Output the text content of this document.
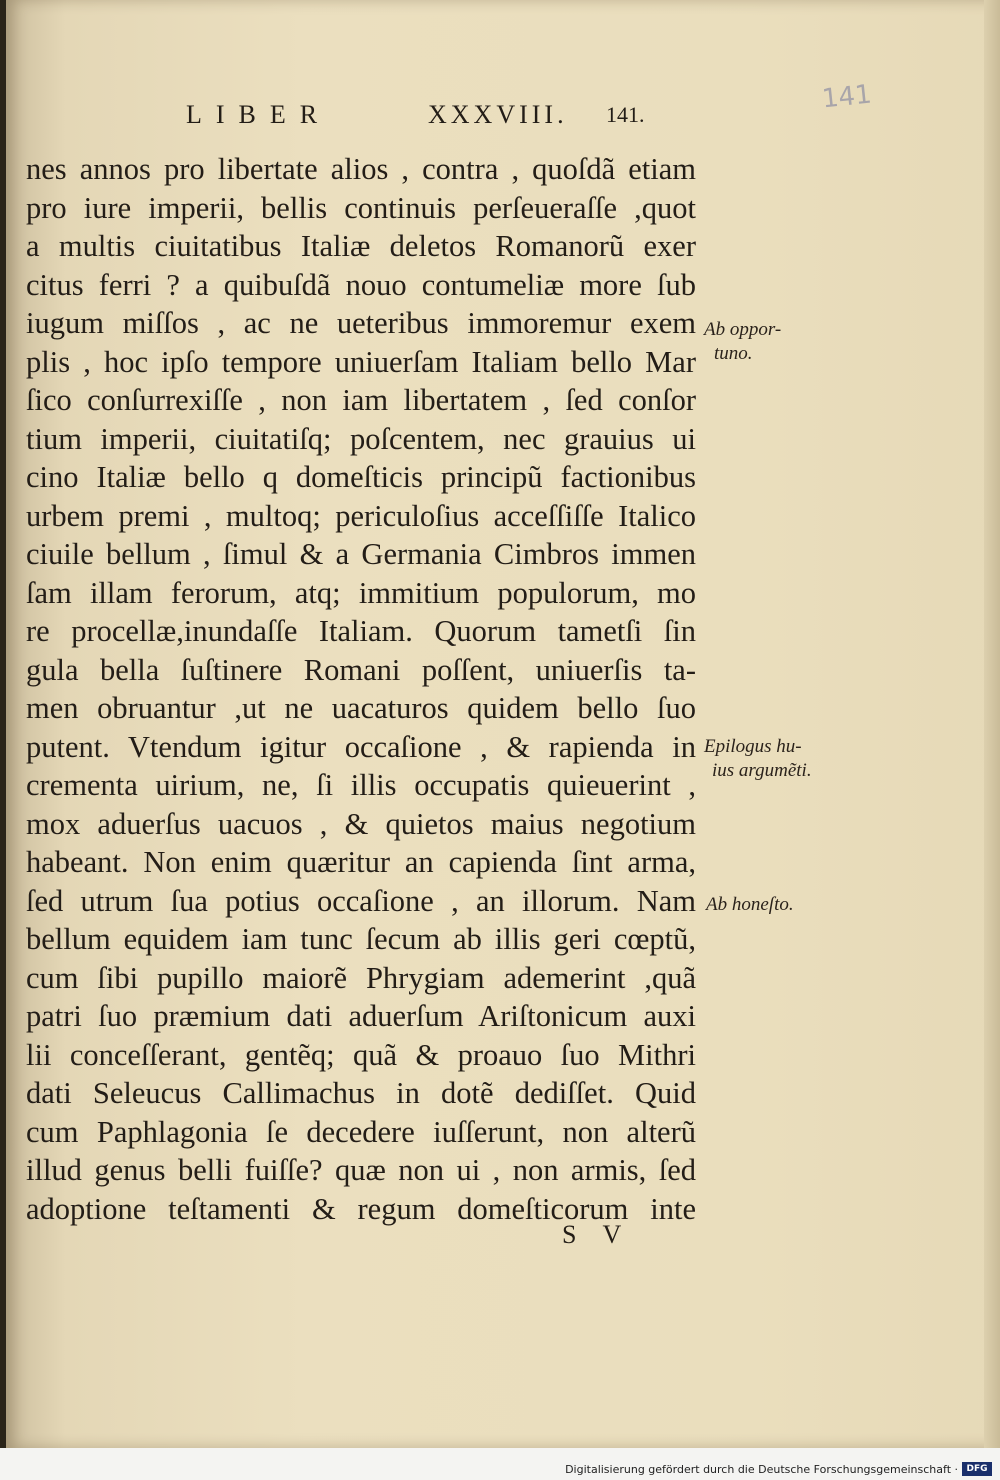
141
LIBER	XXXVIII. 141.
nes annos pro libertate alios , contra , quoſdã etiam
pro iure imperii, bellis continuis perſeueraſſe ,quot
a multis ciuitatibus Italiæ deletos Romanorũ exer
citus ferri ? a quibuſdã nouo contumeliæ more ſub
iugum miſſos , ac ne ueteribus immoremur exem
plis , hoc ipſo tempore uniuerſam Italiam bello Mar
ſico conſurrexiſſe , non iam libertatem , ſed conſor
tium imperii, ciuitatiſq; poſcentem, nec grauius ui
cino Italiæ bello q domeſticis principũ factionibus
urbem premi , multoq; periculoſius acceſſiſſe Italico
ciuile bellum , ſimul & a Germania Cimbros immen
ſam illam ferorum, atq; immitium populorum, mo
re procellæ,inundaſſe Italiam. Quorum tametſi ſin
gula bella ſuſtinere Romani poſſent, uniuerſis ta-
men obruantur ,ut ne uacaturos quidem bello ſuo
putent. Vtendum igitur occaſione , & rapienda in
crementa uirium, ne, ſi illis occupatis quieuerint ,
mox aduerſus uacuos , & quietos maius negotium
habeant. Non enim quæritur an capienda ſint arma,
ſed utrum ſua potius occaſione , an illorum. Nam
bellum equidem iam tunc ſecum ab illis geri cœptũ,
cum ſibi pupillo maiorẽ Phrygiam ademerint ,quã
patri ſuo præmium dati aduerſum Ariſtonicum auxi
lii conceſſerant, gentẽq; quã & proauo ſuo Mithri
dati Seleucus Callimachus in dotẽ dediſſet. Quid
cum Paphlagonia ſe decedere iuſſerunt, non alterũ
illud genus belli fuiſſe? quæ non ui , non armis, ſed
adoptione teſtamenti & regum domeſticorum inte
Ab oppor-
tuno.
Epilogus hu-
ius argumẽti.
Ab honeſto.
S V
Digitalisierung gefördert durch die Deutsche Forschungsgemeinschaft · DFG
